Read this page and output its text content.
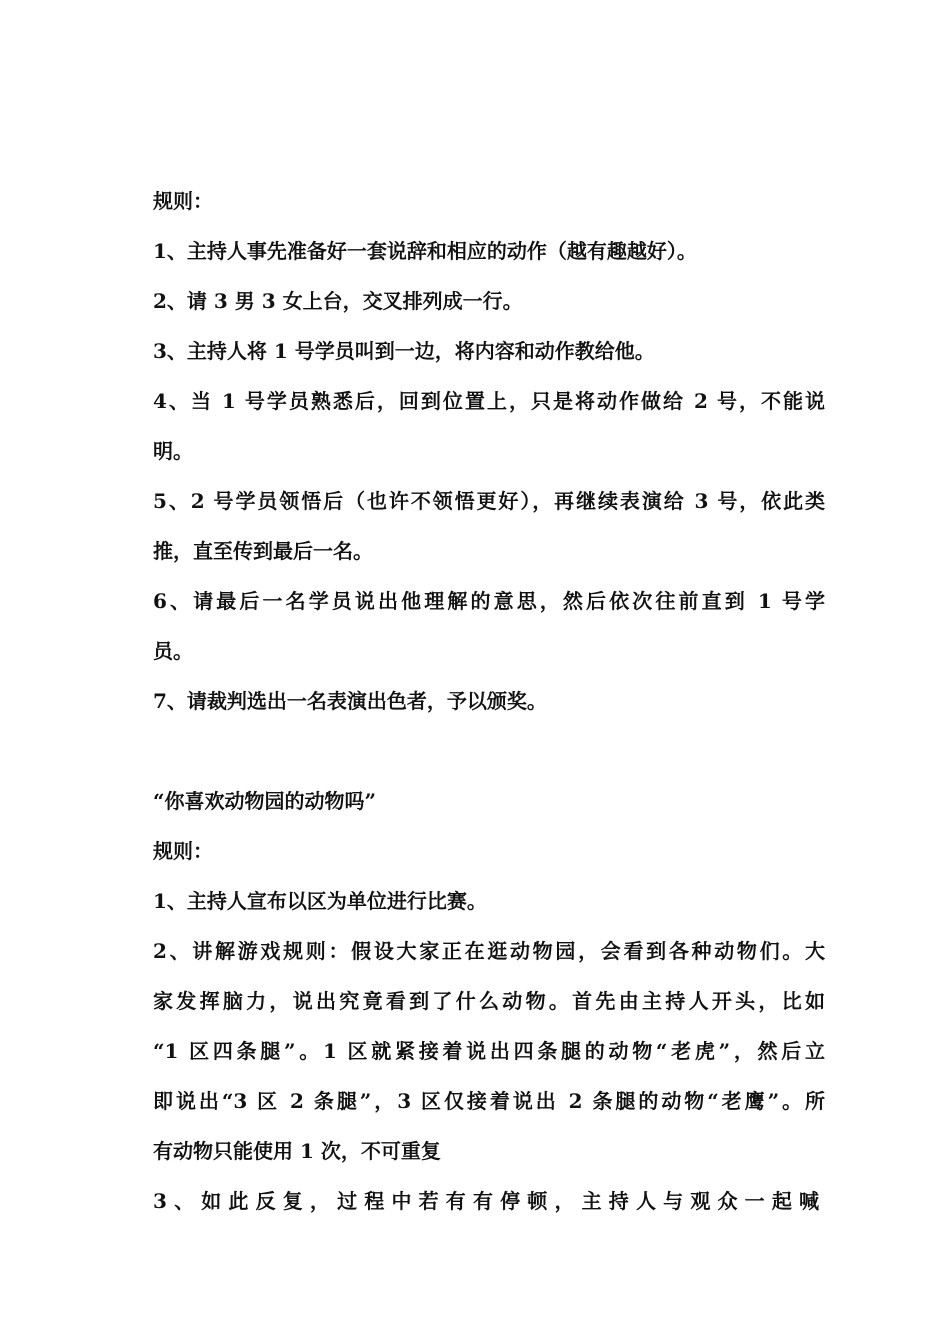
规则：
1、主持人事先准备好一套说辞和相应的动作（越有趣越好）。
2、请 3 男 3 女上台，交叉排列成一行。
3、主持人将 1 号学员叫到一边，将内容和动作教给他。
4、当 1 号学员熟悉后，回到位置上，只是将动作做给 2 号，不能说
明。
5、2 号学员领悟后（也许不领悟更好），再继续表演给 3 号，依此类
推，直至传到最后一名。
6、请最后一名学员说出他理解的意思，然后依次往前直到 1 号学
员。
7、请裁判选出一名表演出色者，予以颁奖。
“你喜欢动物园的动物吗”
规则：
1、主持人宣布以区为单位进行比赛。
2、讲解游戏规则：假设大家正在逛动物园，会看到各种动物们。大
家发挥脑力，说出究竟看到了什么动物。首先由主持人开头，比如
“1 区四条腿”。1 区就紧接着说出四条腿的动物“老虎”，然后立
即说出“3 区 2 条腿”，3 区仅接着说出 2 条腿的动物“老鹰”。所
有动物只能使用 1 次，不可重复
3、如此反复，过程中若有有停顿，主持人与观众一起喊
